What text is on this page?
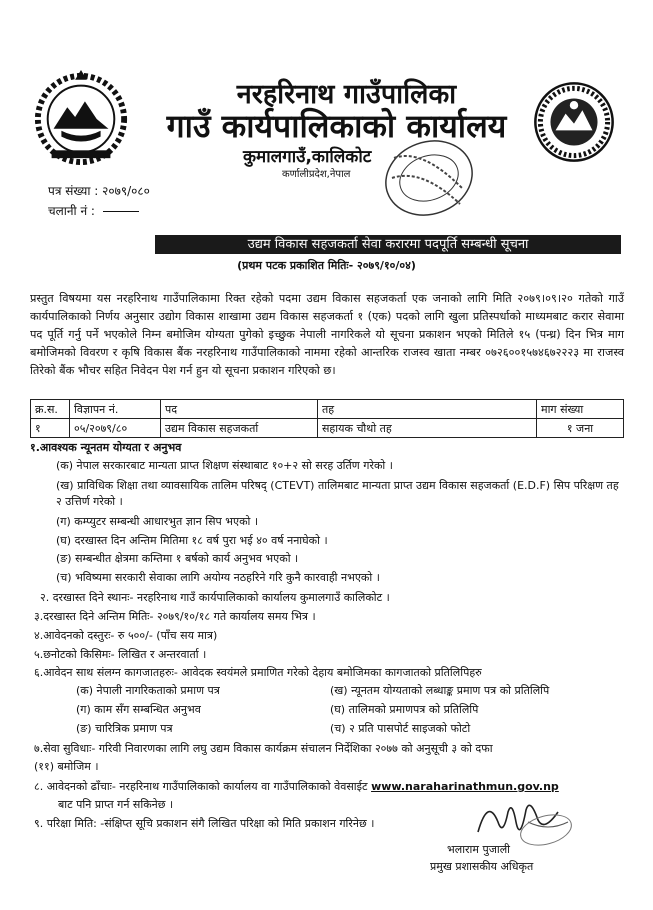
नरहरिनाथ गाउँपालिका
गाउँ कार्यपालिकाको कार्यालय
कुमालगाउँ,कालिकोट
कर्णालीप्रदेश,नेपाल
पत्र संख्या : २०७९/०८०
चलानी नं :
उद्यम विकास सहजकर्ता सेवा करारमा पदपूर्ति सम्बन्धी सूचना
(प्रथम पटक प्रकाशित मितिः- २०७९/१०/०४)
प्रस्तुत विषयमा यस नरहरिनाथ गाउँपालिकामा रिक्त रहेको पदमा उद्यम विकास सहजकर्ता एक जनाको लागि मिति २०७९।०९।२० गतेको गाउँ कार्यपालिकाको निर्णय अनुसार उद्योग विकास शाखामा उद्यम विकास सहजकर्ता १ (एक) पदको लागि खुला प्रतिस्पर्धाको माध्यमबाट करार सेवामा पद पूर्ति गर्नु पर्ने भएकोले निम्न बमोजिम योग्यता पुगेको इच्छुक नेपाली नागरिकले यो सूचना प्रकाशन भएको मितिले १५ (पन्ध्र) दिन भित्र माग बमोजिमको विवरण र कृषि विकास बैंक नरहरिनाथ गाउँपालिकाको नाममा रहेको आन्तरिक राजस्व खाता नम्बर ०७२६००१५७४६७२२२३ मा राजस्व तिरेको बैंक भौचर सहित निवेदन पेश गर्न हुन यो सूचना प्रकाशन गरिएको छ।
क्र.स.	विज्ञापन नं.	पद	तह	माग संख्या
१	०५/२०७९/८०	उद्यम विकास सहजकर्ता	सहायक चौथो तह	१ जना
१.आवश्यक न्यूनतम योग्यता र अनुभव
(क) नेपाल सरकारबाट मान्यता प्राप्त शिक्षण संस्थाबाट १०+२ सो सरह उर्तिण गरेको ।
(ख) प्राविधिक शिक्षा तथा व्यावसायिक तालिम परिषद् (CTEVT) तालिमबाट मान्यता प्राप्त उद्यम विकास सहजकर्ता (E.D.F) सिप परिक्षण तह २ उत्तिर्ण गरेको ।
(ग) कम्प्युटर सम्बन्धी आधारभुत ज्ञान सिप भएको ।
(घ) दरखास्त दिन अन्तिम मितिमा १८ वर्ष पुरा भई ४० वर्ष ननाघेको ।
(ङ) सम्बन्धीत क्षेत्रमा कम्तिमा १ बर्षको कार्य अनुभव भएको ।
(च) भविष्यमा सरकारी सेवाका लागि अयोग्य नठहरिने गरि कुनै कारवाही नभएको ।
२. दरखास्त दिने स्थानः- नरहरिनाथ गाउँ कार्यपालिकाको कार्यालय कुमालगाउँ कालिकोट ।
३.दरखास्त दिने अन्तिम मितिः- २०७९/१०/१८ गते कार्यालय समय भित्र ।
४.आवेदनको दस्तुरः- रु ५००/- (पाँच सय मात्र)
५.छनोटको किसिमः- लिखित र अन्तरवार्ता ।
६.आवेदन साथ संलग्न कागजातहरुः- आवेदक स्वयंमले प्रमाणित गरेको देहाय बमोजिमका कागजातको प्रतिलिपिहरु
(क) नेपाली नागरिकताको प्रमाण पत्र	(ख) न्यूनतम योग्यताको लब्धाङ्क प्रमाण पत्र को प्रतिलिपि
(ग) काम सँग सम्बन्धित अनुभव	(घ) तालिमको प्रमाणपत्र को प्रतिलिपि
(ङ) चारित्रिक प्रमाण पत्र	(च) २ प्रति पासपोर्ट साइजको फोटो
७.सेवा सुविधाः- गरिवी निवारणका लागि लघु उद्यम विकास कार्यक्रम संचालन निर्देशिका २०७७ को अनुसूची ३ को दफा
(११) बमोजिम ।
८. आवेदनको ढाँचाः- नरहरिनाथ गाउँपालिकाको कार्यालय वा गाउँपालिकाको वेवसाईट www.naraharinathmun.gov.np
बाट पनि प्राप्त गर्न सकिनेछ ।
९. परिक्षा मिति: -संक्षिप्त सूचि प्रकाशन संगै लिखित परिक्षा को मिति प्रकाशन गरिनेछ ।
भलाराम पुजाली
प्रमुख प्रशासकीय अधिकृत
